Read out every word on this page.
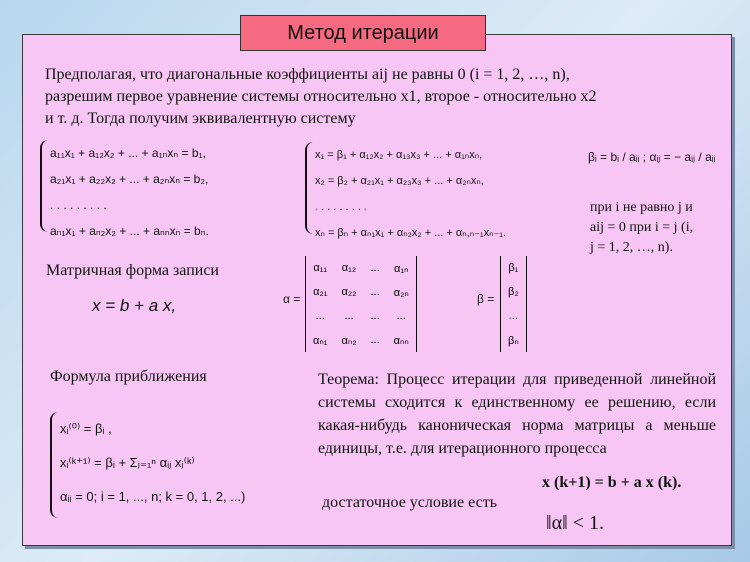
Метод итерации

Предполагая, что диагональные коэффициенты aij не равны 0 (i = 1, 2, …, n),

разрешим первое уравнение системы относительно x1, второе - относительно x2

и т. д. Тогда получим эквивалентную систему

a₁₁x₁ + a₁₂x₂ + ... + a₁ₙxₙ = b₁,
a₂₁x₁ + a₂₂x₂ + ... + a₂ₙxₙ = b₂,
. . . . . . . . .
aₙ₁x₁ + aₙ₂x₂ + ... + aₙₙxₙ = bₙ.
x₁ = β₁ + α₁₂x₂ + α₁₃x₃ + ... + α₁ₙxₙ,
x₂ = β₂ + α₂₁x₁ + α₂₃x₃ + ... + α₂ₙxₙ,
. . . . . . . . .
xₙ = βₙ + αₙ₁x₁ + αₙ₂x₂ + ... + αₙ,ₙ₋₁xₙ₋₁.
βᵢ = bᵢ / aᵢᵢ ; αᵢⱼ = − aᵢⱼ / aᵢᵢ
при i не равно j и
aij = 0 при i = j (i,
j = 1, 2, …, n).
Матричная форма записи
x = b + a x,	α =
α₁₁	α₁₂	...	α₁ₙ
α₂₁	α₂₂	...	α₂ₙ
...	...	...	...
αₙ₁	αₙ₂	...	αₙₙ
β =
β₁
β₂
...
βₙ
Формула приближения
xᵢ⁽⁰⁾ = βᵢ ,
xᵢ⁽ᵏ⁺¹⁾ = βᵢ + Σⱼ₌₁ⁿ αᵢⱼ xⱼ⁽ᵏ⁾
αᵢᵢ = 0; i = 1, ..., n; k = 0, 1, 2, ...)
Теорема: Процесс итерации для приведенной линейной системы сходится к единственному ее решению, если какая-нибудь каноническая норма матрицы а меньше единицы, т.е. для итерационного процесса
x (k+1) = b + a x (k).
достаточное условие есть
‖α‖ < 1.
